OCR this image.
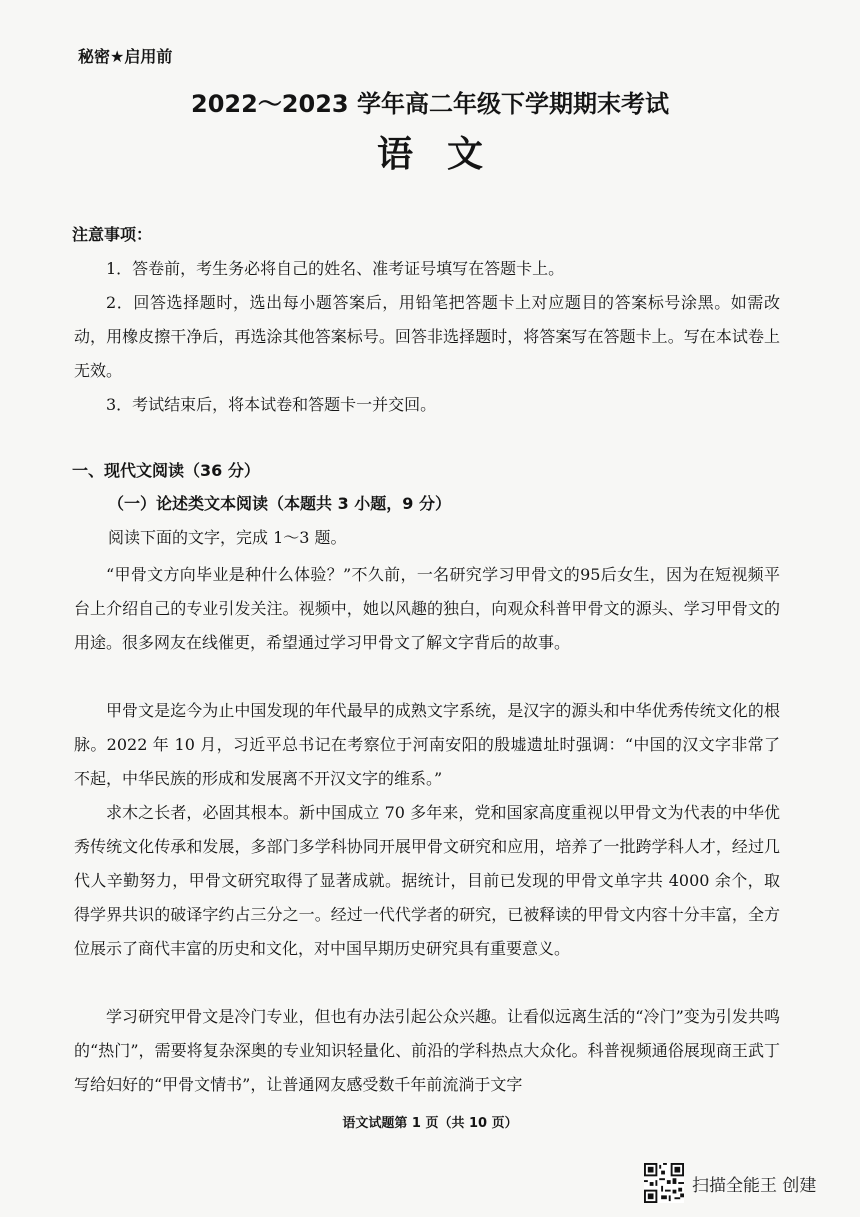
秘密★启用前
2022～2023 学年高二年级下学期期末考试
语文
注意事项：
1．答卷前，考生务必将自己的姓名、准考证号填写在答题卡上。
2．回答选择题时，选出每小题答案后，用铅笔把答题卡上对应题目的答案标号涂黑。如需改动，用橡皮擦干净后，再选涂其他答案标号。回答非选择题时，将答案写在答题卡上。写在本试卷上无效。
3．考试结束后，将本试卷和答题卡一并交回。
一、现代文阅读（36 分）
（一）论述类文本阅读（本题共 3 小题，9 分）
阅读下面的文字，完成 1～3 题。
“甲骨文方向毕业是种什么体验？”不久前，一名研究学习甲骨文的95后女生，因为在短视频平台上介绍自己的专业引发关注。视频中，她以风趣的独白，向观众科普甲骨文的源头、学习甲骨文的用途。很多网友在线催更，希望通过学习甲骨文了解文字背后的故事。
甲骨文是迄今为止中国发现的年代最早的成熟文字系统，是汉字的源头和中华优秀传统文化的根脉。2022 年 10 月，习近平总书记在考察位于河南安阳的殷墟遗址时强调：“中国的汉文字非常了不起，中华民族的形成和发展离不开汉文字的维系。”
求木之长者，必固其根本。新中国成立 70 多年来，党和国家高度重视以甲骨文为代表的中华优秀传统文化传承和发展，多部门多学科协同开展甲骨文研究和应用，培养了一批跨学科人才，经过几代人辛勤努力，甲骨文研究取得了显著成就。据统计，目前已发现的甲骨文单字共 4000 余个，取得学界共识的破译字约占三分之一。经过一代代学者的研究，已被释读的甲骨文内容十分丰富，全方位展示了商代丰富的历史和文化，对中国早期历史研究具有重要意义。
学习研究甲骨文是冷门专业，但也有办法引起公众兴趣。让看似远离生活的“冷门”变为引发共鸣的“热门”，需要将复杂深奥的专业知识轻量化、前沿的学科热点大众化。科普视频通俗展现商王武丁写给妇好的“甲骨文情书”，让普通网友感受数千年前流淌于文字
语文试题第 1 页（共 10 页）
扫描全能王 创建
